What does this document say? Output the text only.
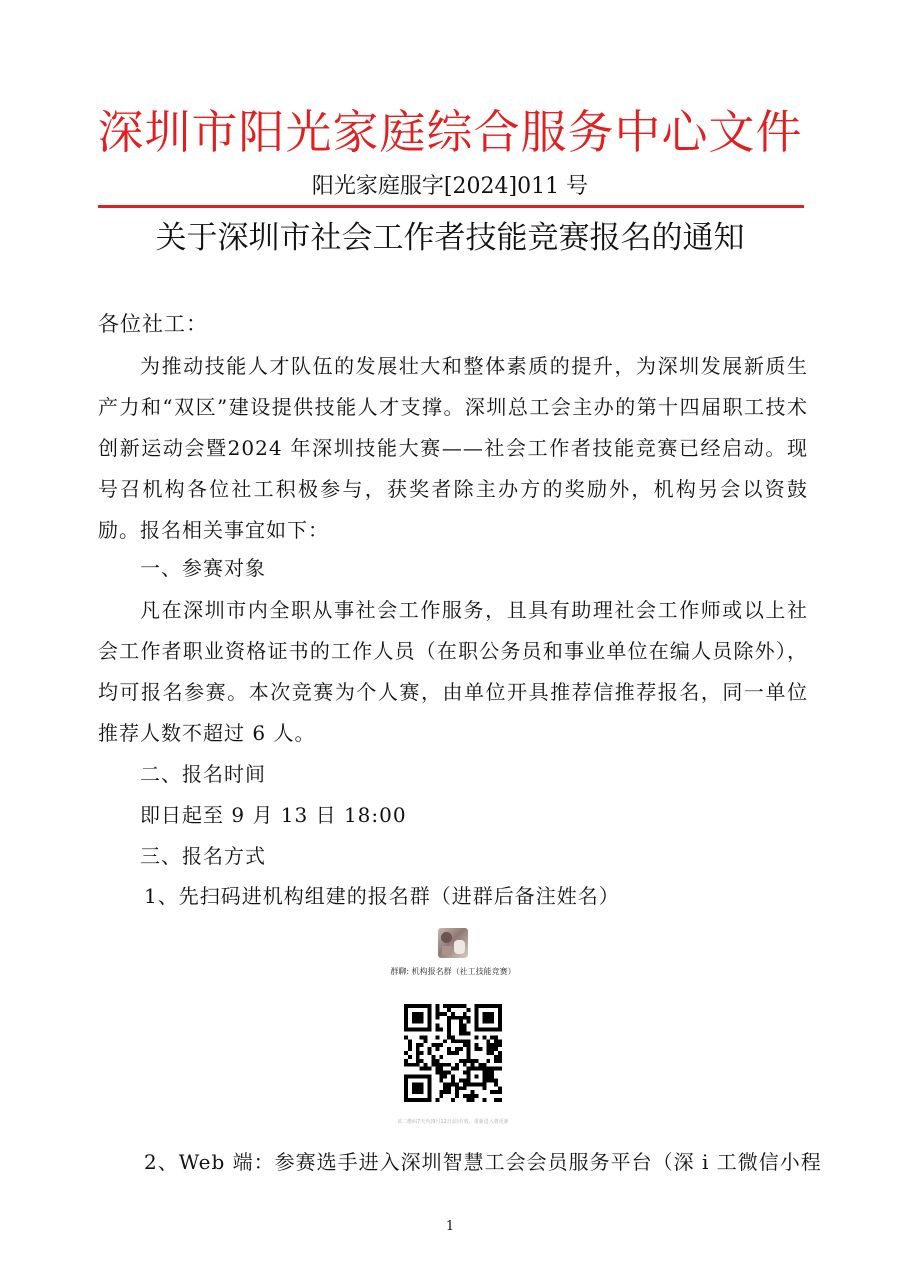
深圳市阳光家庭综合服务中心文件
阳光家庭服字[2024]011 号
关于深圳市社会工作者技能竞赛报名的通知
各位社工：
为推动技能人才队伍的发展壮大和整体素质的提升，为深圳发展新质生产力和“双区”建设提供技能人才支撑。深圳总工会主办的第十四届职工技术创新运动会暨2024 年深圳技能大赛——社会工作者技能竞赛已经启动。现号召机构各位社工积极参与，获奖者除主办方的奖励外，机构另会以资鼓励。报名相关事宜如下：
一、参赛对象
凡在深圳市内全职从事社会工作服务，且具有助理社会工作师或以上社会工作者职业资格证书的工作人员（在职公务员和事业单位在编人员除外），均可报名参赛。本次竞赛为个人赛，由单位开具推荐信推荐报名，同一单位推荐人数不超过 6 人。
二、报名时间
即日起至 9 月 13 日 18:00
三、报名方式
1、先扫码进机构组建的报名群（进群后备注姓名）
群聊: 机构报名群（社工技能竞赛）
该二维码7天内(9月12日前)有效，重新进入将更新
2、Web 端：参赛选手进入深圳智慧工会会员服务平台（深 i 工微信小程
1
